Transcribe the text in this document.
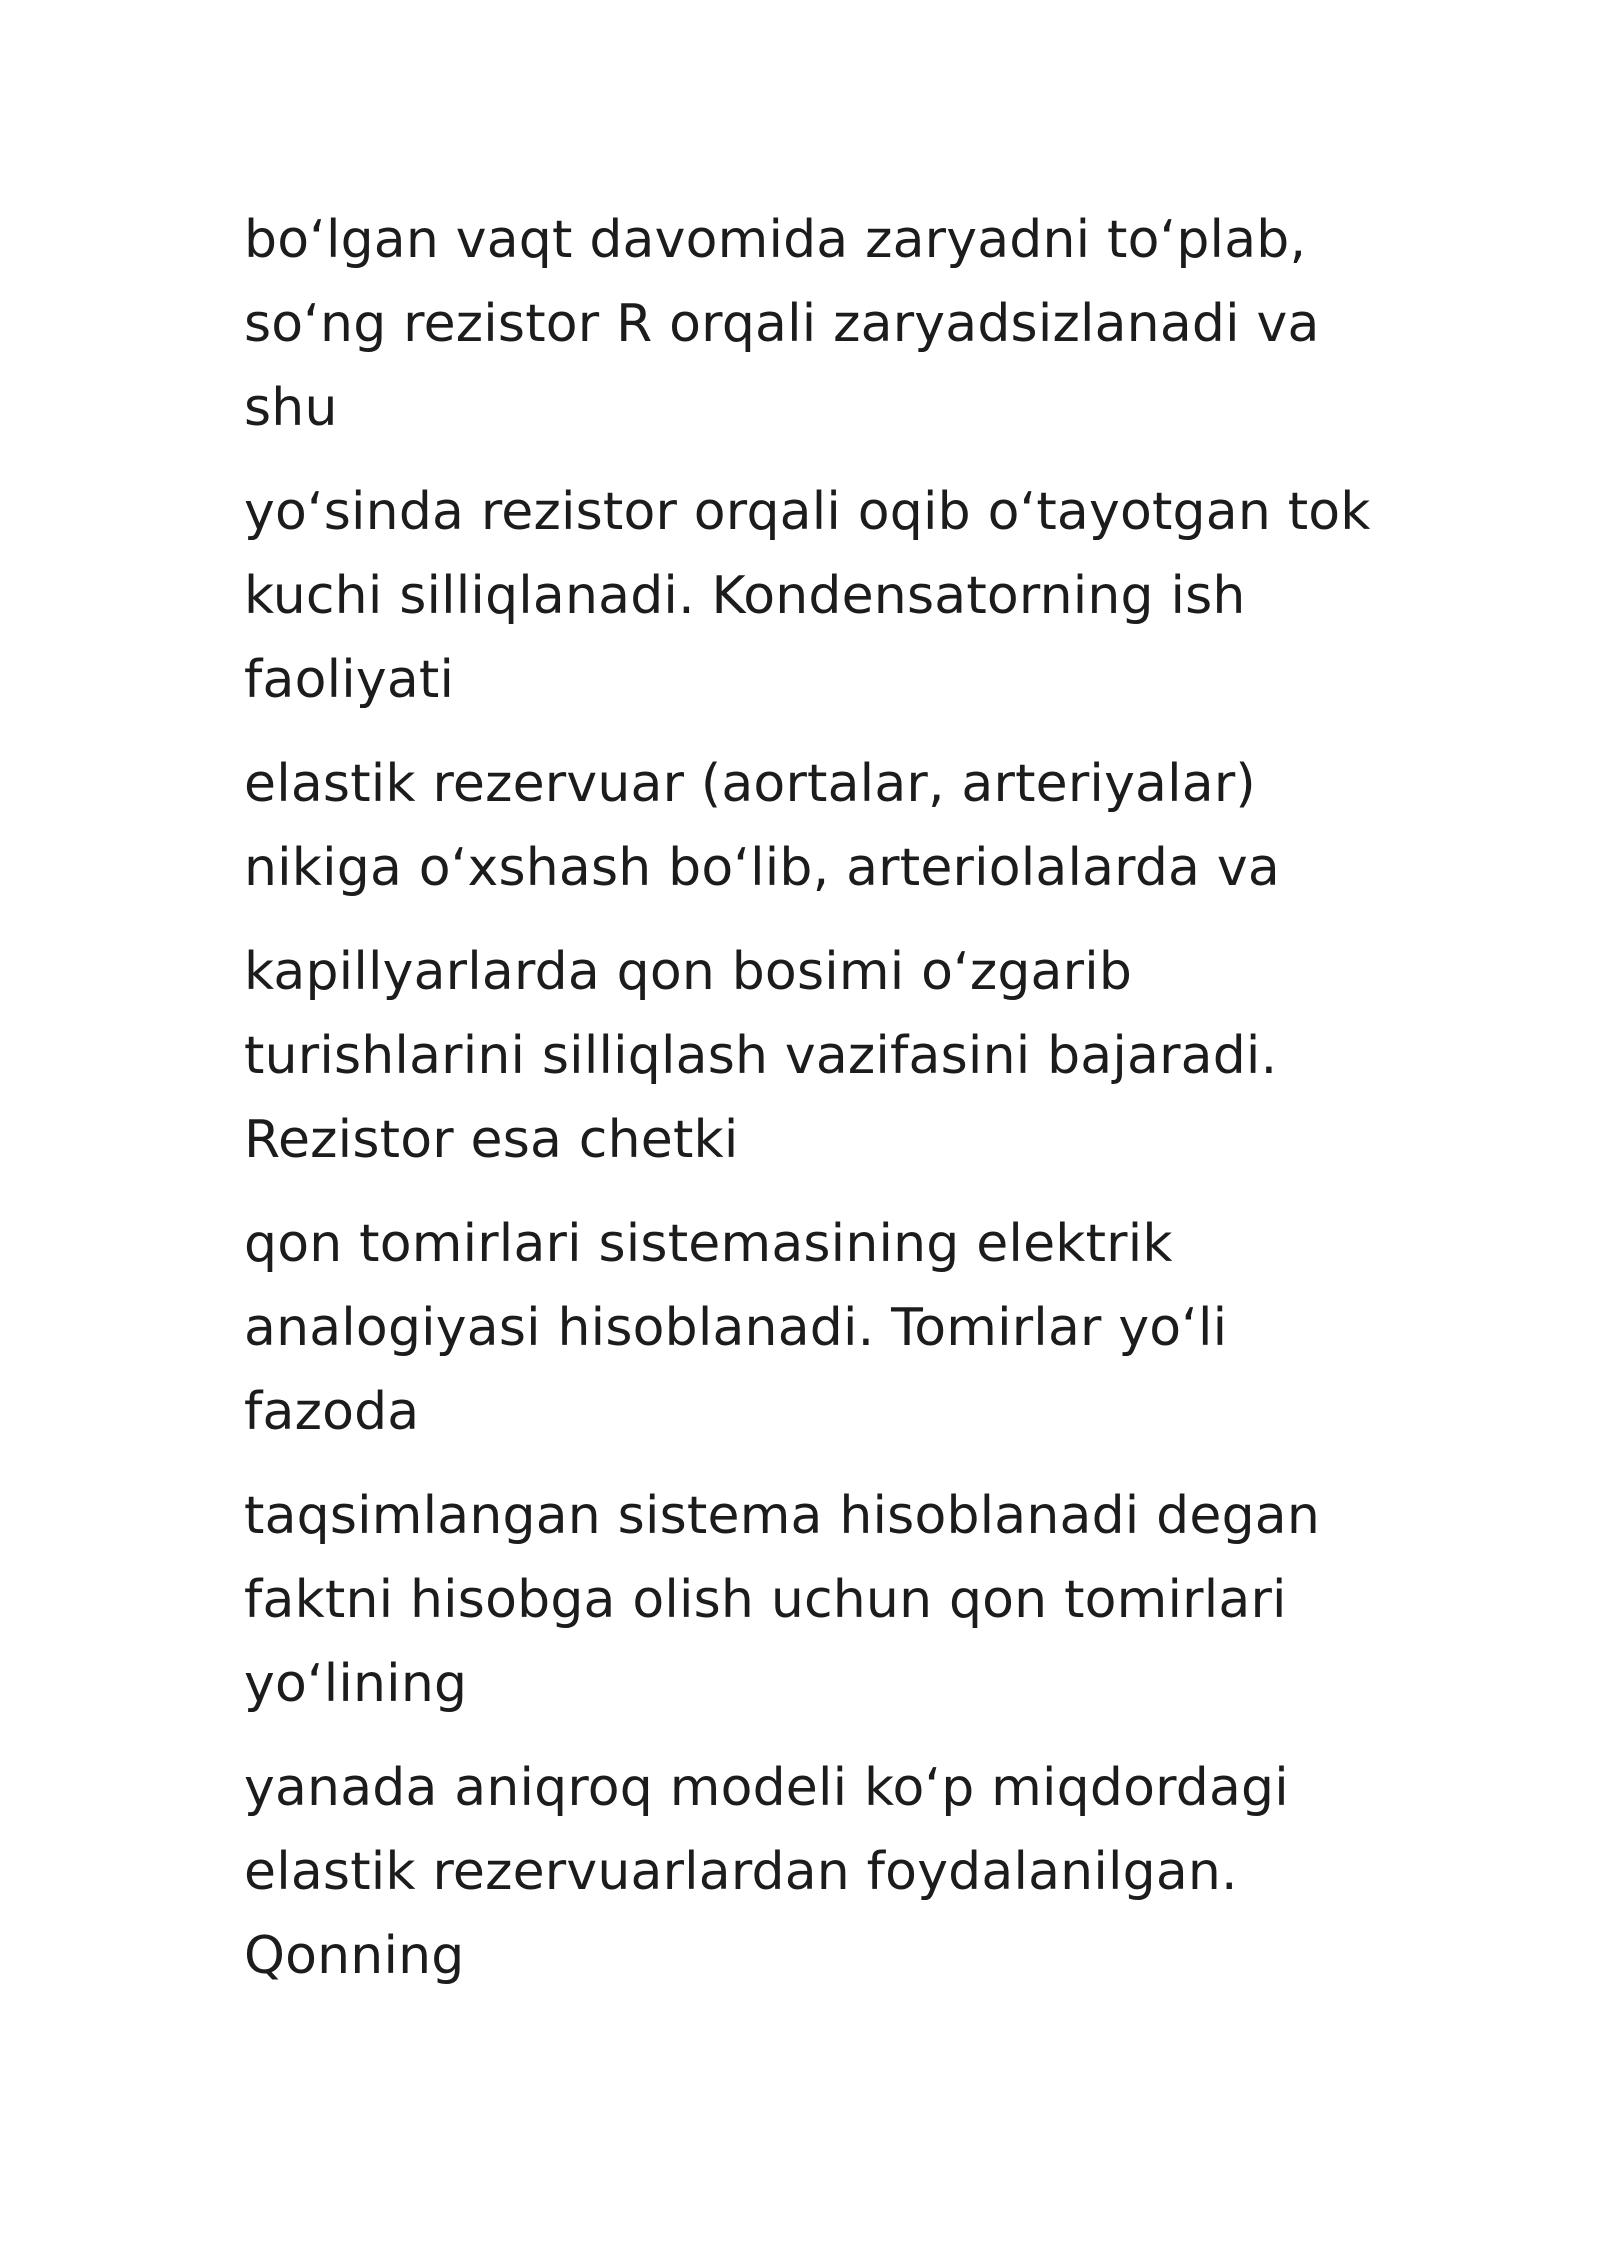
boʻlgan vaqt davomida zaryadni toʻplab,
soʻng rezistor R orqali zaryadsizlanadi va
shu

yoʻsinda rezistor orqali oqib oʻtayotgan tok
kuchi silliqlanadi. Kondensatorning ish
faoliyati

elastik rezervuar (aortalar, arteriyalar)
nikiga oʻxshash boʻlib, arteriolalarda va

kapillyarlarda qon bosimi oʻzgarib
turishlarini silliqlash vazifasini bajaradi.
Rezistor esa chetki

qon tomirlari sistemasining elektrik
analogiyasi hisoblanadi. Tomirlar yoʻli
fazoda

taqsimlangan sistema hisoblanadi degan
faktni hisobga olish uchun qon tomirlari
yoʻlining

yanada aniqroq modeli koʻp miqdordagi
elastik rezervuarlardan foydalanilgan.
Qonning
